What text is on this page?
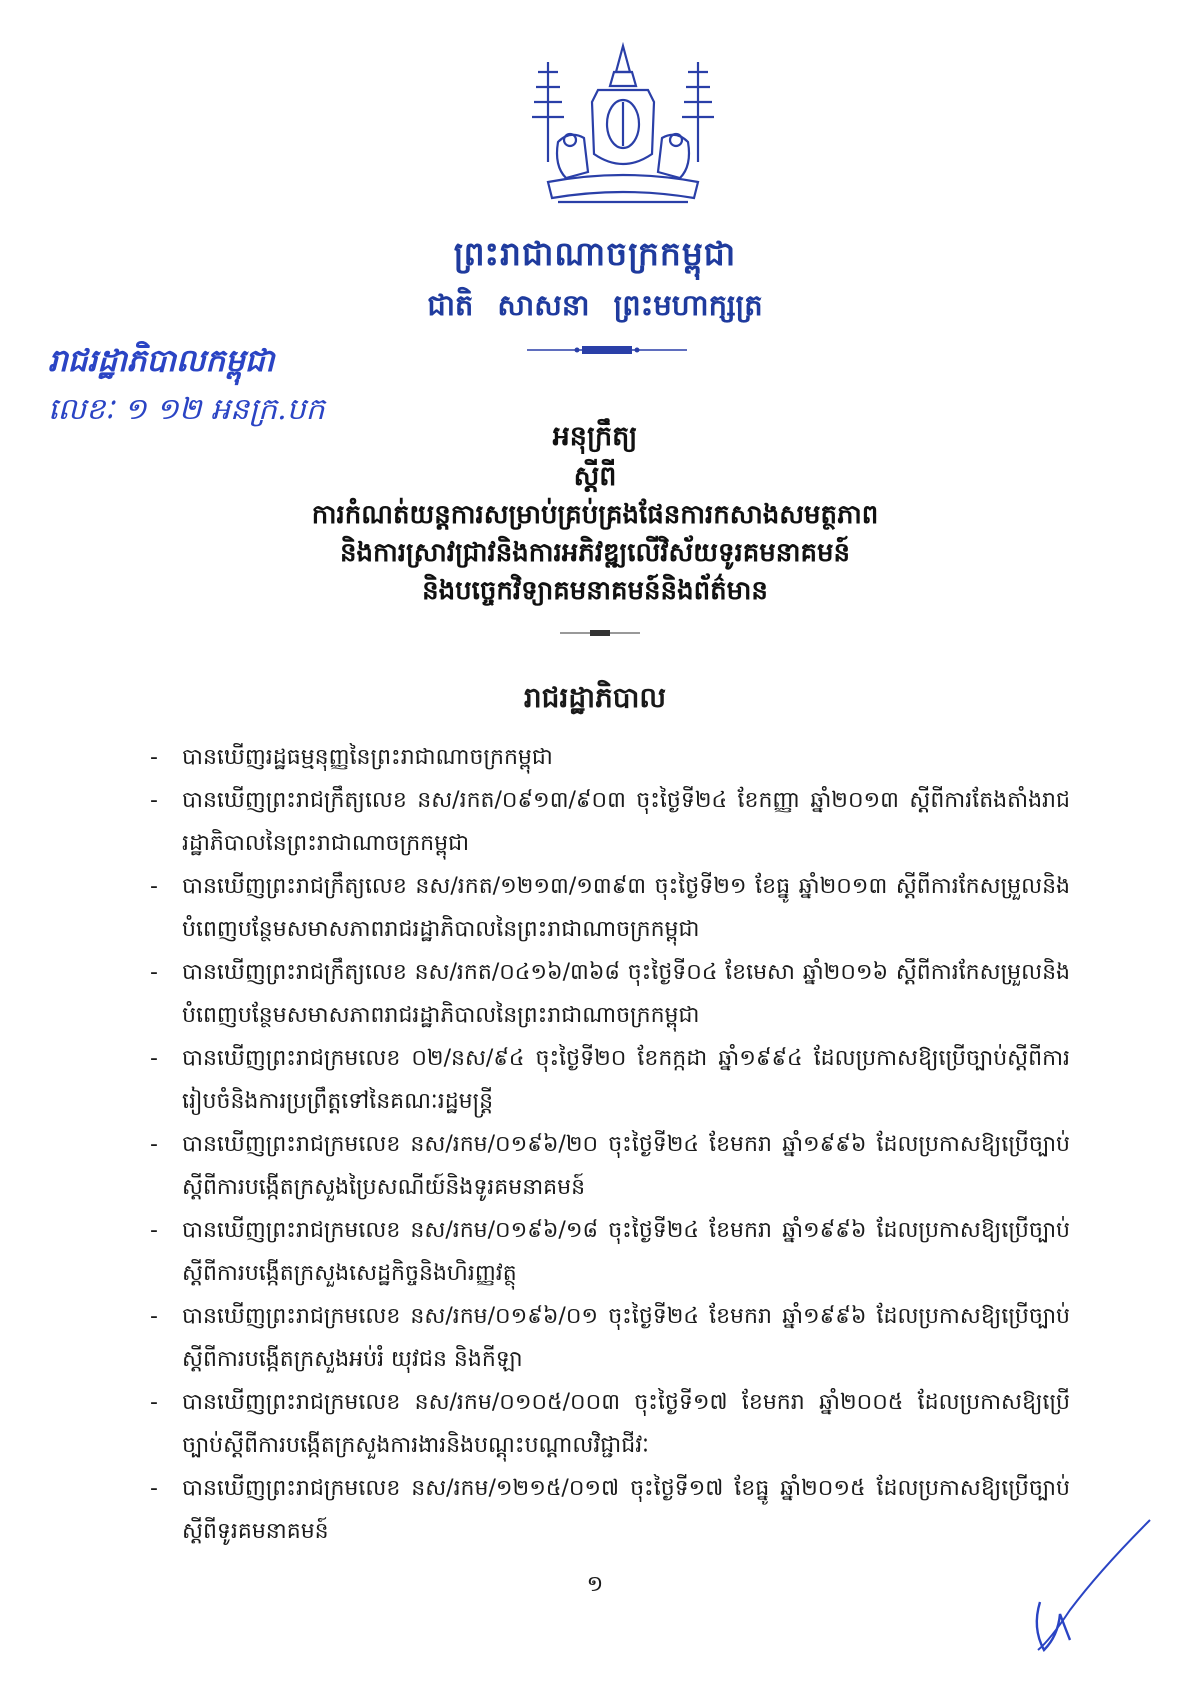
ព្រះរាជាណាចក្រកម្ពុជា
ជាតិ សាសនា ព្រះមហាក្សត្រ
រាជរដ្ឋាភិបាលកម្ពុជា
លេខៈ ១ ១២ អនក្រ.បក
អនុក្រឹត្យ
ស្តីពី
ការកំណត់យន្តការសម្រាប់គ្រប់គ្រងផែនការកសាងសមត្ថភាព
និងការស្រាវជ្រាវនិងការអភិវឌ្ឍលើវិស័យទូរគមនាគមន៍
និងបច្ចេកវិទ្យាគមនាគមន៍និងព័ត៌មាន
រាជរដ្ឋាភិបាល
- បានឃើញរដ្ឋធម្មនុញ្ញនៃព្រះរាជាណាចក្រកម្ពុជា
- បានឃើញព្រះរាជក្រឹត្យលេខ នស/រកត/០៩១៣/៩០៣ ចុះថ្ងៃទី២៤ ខែកញ្ញា ឆ្នាំ២០១៣ ស្តីពីការតែងតាំងរាជរដ្ឋាភិបាលនៃព្រះរាជាណាចក្រកម្ពុជា
- បានឃើញព្រះរាជក្រឹត្យលេខ នស/រកត/១២១៣/១៣៩៣ ចុះថ្ងៃទី២១ ខែធ្នូ ឆ្នាំ២០១៣ ស្តីពីការកែសម្រួលនិងបំពេញបន្ថែមសមាសភាពរាជរដ្ឋាភិបាលនៃព្រះរាជាណាចក្រកម្ពុជា
- បានឃើញព្រះរាជក្រឹត្យលេខ នស/រកត/០៤១៦/៣៦៨ ចុះថ្ងៃទី០៤ ខែមេសា ឆ្នាំ២០១៦ ស្តីពីការកែសម្រួលនិងបំពេញបន្ថែមសមាសភាពរាជរដ្ឋាភិបាលនៃព្រះរាជាណាចក្រកម្ពុជា
- បានឃើញព្រះរាជក្រមលេខ ០២/នស/៩៤ ចុះថ្ងៃទី២០ ខែកក្កដា ឆ្នាំ១៩៩៤ ដែលប្រកាសឱ្យប្រើច្បាប់ស្តីពីការរៀបចំនិងការប្រព្រឹត្តទៅនៃគណៈរដ្ឋមន្ត្រី
- បានឃើញព្រះរាជក្រមលេខ នស/រកម/០១៩៦/២០ ចុះថ្ងៃទី២៤ ខែមករា ឆ្នាំ១៩៩៦ ដែលប្រកាសឱ្យប្រើច្បាប់ស្តីពីការបង្កើតក្រសួងប្រៃសណីយ៍និងទូរគមនាគមន៍
- បានឃើញព្រះរាជក្រមលេខ នស/រកម/០១៩៦/១៨ ចុះថ្ងៃទី២៤ ខែមករា ឆ្នាំ១៩៩៦ ដែលប្រកាសឱ្យប្រើច្បាប់ស្តីពីការបង្កើតក្រសួងសេដ្ឋកិច្ចនិងហិរញ្ញវត្ថុ
- បានឃើញព្រះរាជក្រមលេខ នស/រកម/០១៩៦/០១ ចុះថ្ងៃទី២៤ ខែមករា ឆ្នាំ១៩៩៦ ដែលប្រកាសឱ្យប្រើច្បាប់ស្តីពីការបង្កើតក្រសួងអប់រំ យុវជន និងកីឡា
- បានឃើញព្រះរាជក្រមលេខ នស/រកម/០១០៥/០០៣ ចុះថ្ងៃទី១៧ ខែមករា ឆ្នាំ២០០៥ ដែលប្រកាសឱ្យប្រើច្បាប់ស្តីពីការបង្កើតក្រសួងការងារនិងបណ្តុះបណ្តាលវិជ្ជាជីវៈ
- បានឃើញព្រះរាជក្រមលេខ នស/រកម/១២១៥/០១៧ ចុះថ្ងៃទី១៧ ខែធ្នូ ឆ្នាំ២០១៥ ដែលប្រកាសឱ្យប្រើច្បាប់ស្តីពីទូរគមនាគមន៍
១
